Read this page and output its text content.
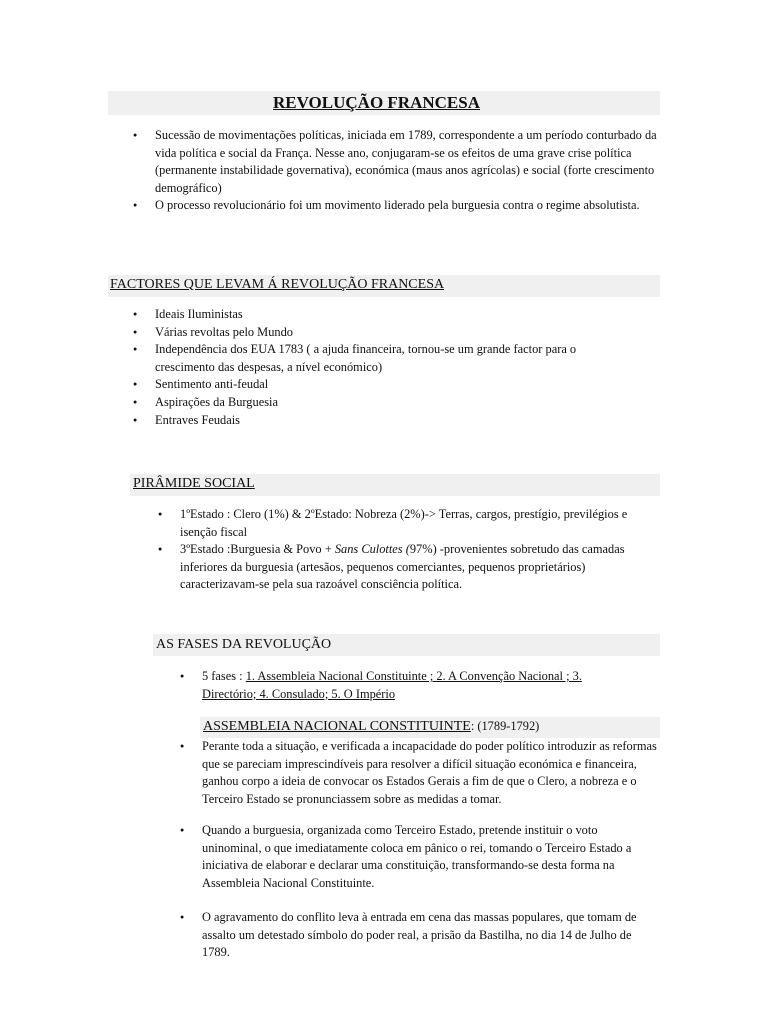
REVOLUÇÃO FRANCESA
● Sucessão de movimentações políticas, iniciada em 1789, correspondente a um período conturbado da vida política e social da França. Nesse ano, conjugaram-se os efeitos de uma grave crise política (permanente instabilidade governativa), económica (maus anos agrícolas) e social (forte crescimento demográfico)
● O processo revolucionário foi um movimento liderado pela burguesia contra o regime absolutista.
FACTORES QUE LEVAM Á REVOLUÇÃO FRANCESA
● Ideais Iluministas
● Várias revoltas pelo Mundo
● Independência dos EUA 1783 ( a ajuda financeira, tornou-se um grande factor para o crescimento das despesas, a nível económico)
● Sentimento anti-feudal
● Aspirações da Burguesia
● Entraves Feudais
PIRÂMIDE SOCIAL
● 1ºEstado : Clero (1%) & 2ºEstado: Nobreza (2%)-> Terras, cargos, prestígio, previlégios e isenção fiscal
● 3ºEstado :Burguesia & Povo + Sans Culottes (97%) -provenientes sobretudo das camadas inferiores da burguesia (artesãos, pequenos comerciantes, pequenos proprietários) caracterizavam-se pela sua razoável consciência política.
AS FASES DA REVOLUÇÃO
● 5 fases : 1. Assembleia Nacional Constituinte ; 2. A Convenção Nacional ; 3. Directório; 4. Consulado; 5. O Império
ASSEMBLEIA NACIONAL CONSTITUINTE: (1789-1792)
● Perante toda a situação, e verificada a incapacidade do poder político introduzir as reformas que se pareciam imprescindíveis para resolver a difícil situação económica e financeira, ganhou corpo a ideia de convocar os Estados Gerais a fim de que o Clero, a nobreza e o Terceiro Estado se pronunciassem sobre as medidas a tomar.
● Quando a burguesia, organizada como Terceiro Estado, pretende instituir o voto uninominal, o que imediatamente coloca em pânico o rei, tomando o Terceiro Estado a iniciativa de elaborar e declarar uma constituição, transformando-se desta forma na Assembleia Nacional Constituinte.
● O agravamento do conflito leva à entrada em cena das massas populares, que tomam de assalto um detestado símbolo do poder real, a prisão da Bastilha, no dia 14 de Julho de 1789.
